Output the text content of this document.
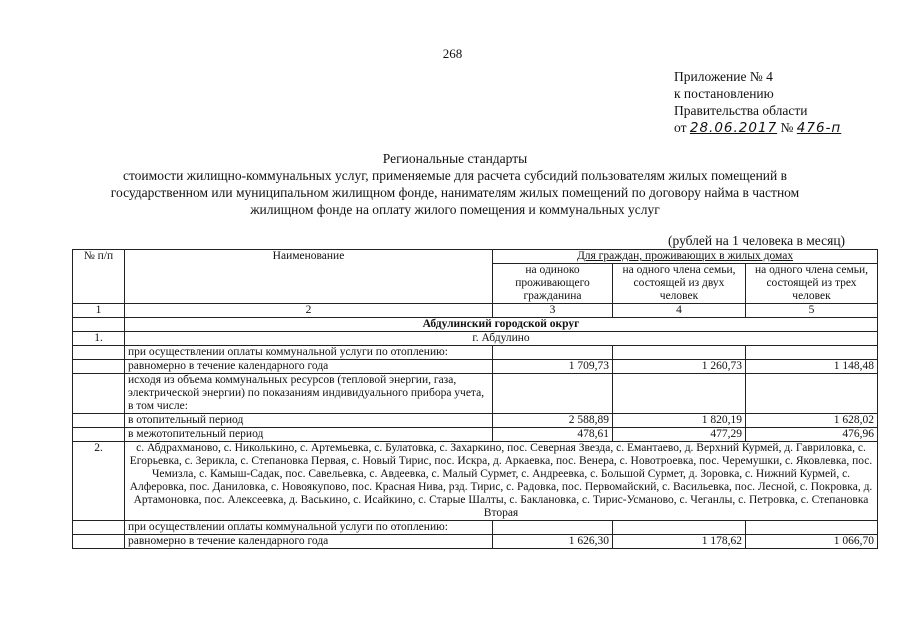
268
Приложение № 4
к постановлению
Правительства области
от 28.06.2017 № 476-п
Региональные стандарты
стоимости жилищно-коммунальных услуг, применяемые для расчета субсидий пользователям жилых помещений в
государственном или муниципальном жилищном фонде, нанимателям жилых помещений по договору найма в частном
жилищном фонде на оплату жилого помещения и коммунальных услуг
(рублей на 1 человека в месяц)
№ п/п	Наименование	Для граждан, проживающих в жилых домах		
		на одиноко проживающего гражданина	на одного члена семьи, состоящей из двух человек	на одного члена семьи, состоящей из трех человек
1	2	3	4	5
	Абдулинский городской округ			
1.	г. Абдулино			
	при осуществлении оплаты коммунальной услуги по отоплению:			
	равномерно в течение календарного года	1 709,73	1 260,73	1 148,48
	исходя из объема коммунальных ресурсов (тепловой энергии, газа, электрической энергии) по показаниям индивидуального прибора учета, в том числе:			
	в отопительный период	2 588,89	1 820,19	1 628,02
	в межотопительный период	478,61	477,29	476,96
2.	с. Абдрахманово, с. Николькино, с. Артемьевка, с. Булатовка, с. Захаркино, пос. Северная Звезда, с. Емантаево, д. Верхний Курмей, д. Гавриловка, с. Егорьевка, с. Зерикла, с. Степановка Первая, с. Новый Тирис, пос. Искра, д. Аркаевка, пос. Венера, с. Новотроевка, пос. Черемушки, с. Яковлевка, пос. Чемизла, с. Камыш-Садак, пос. Савельевка, с. Авдеевка, с. Малый Сурмет, с. Андреевка, с. Большой Сурмет, д. Зоровка, с. Нижний Курмей, с. Алферовка, пос. Даниловка, с. Новоякупово, пос. Красная Нива, рзд. Тирис, с. Радовка, пос. Первомайский, с. Васильевка, пос. Лесной, с. Покровка, д. Артамоновка, пос. Алексеевка, д. Васькино, с. Исайкино, с. Старые Шалты, с. Баклановка, с. Тирис-Усманово, с. Чеганлы, с. Петровка, с. Степановка Вторая			
	при осуществлении оплаты коммунальной услуги по отоплению:			
	равномерно в течение календарного года	1 626,30	1 178,62	1 066,70
